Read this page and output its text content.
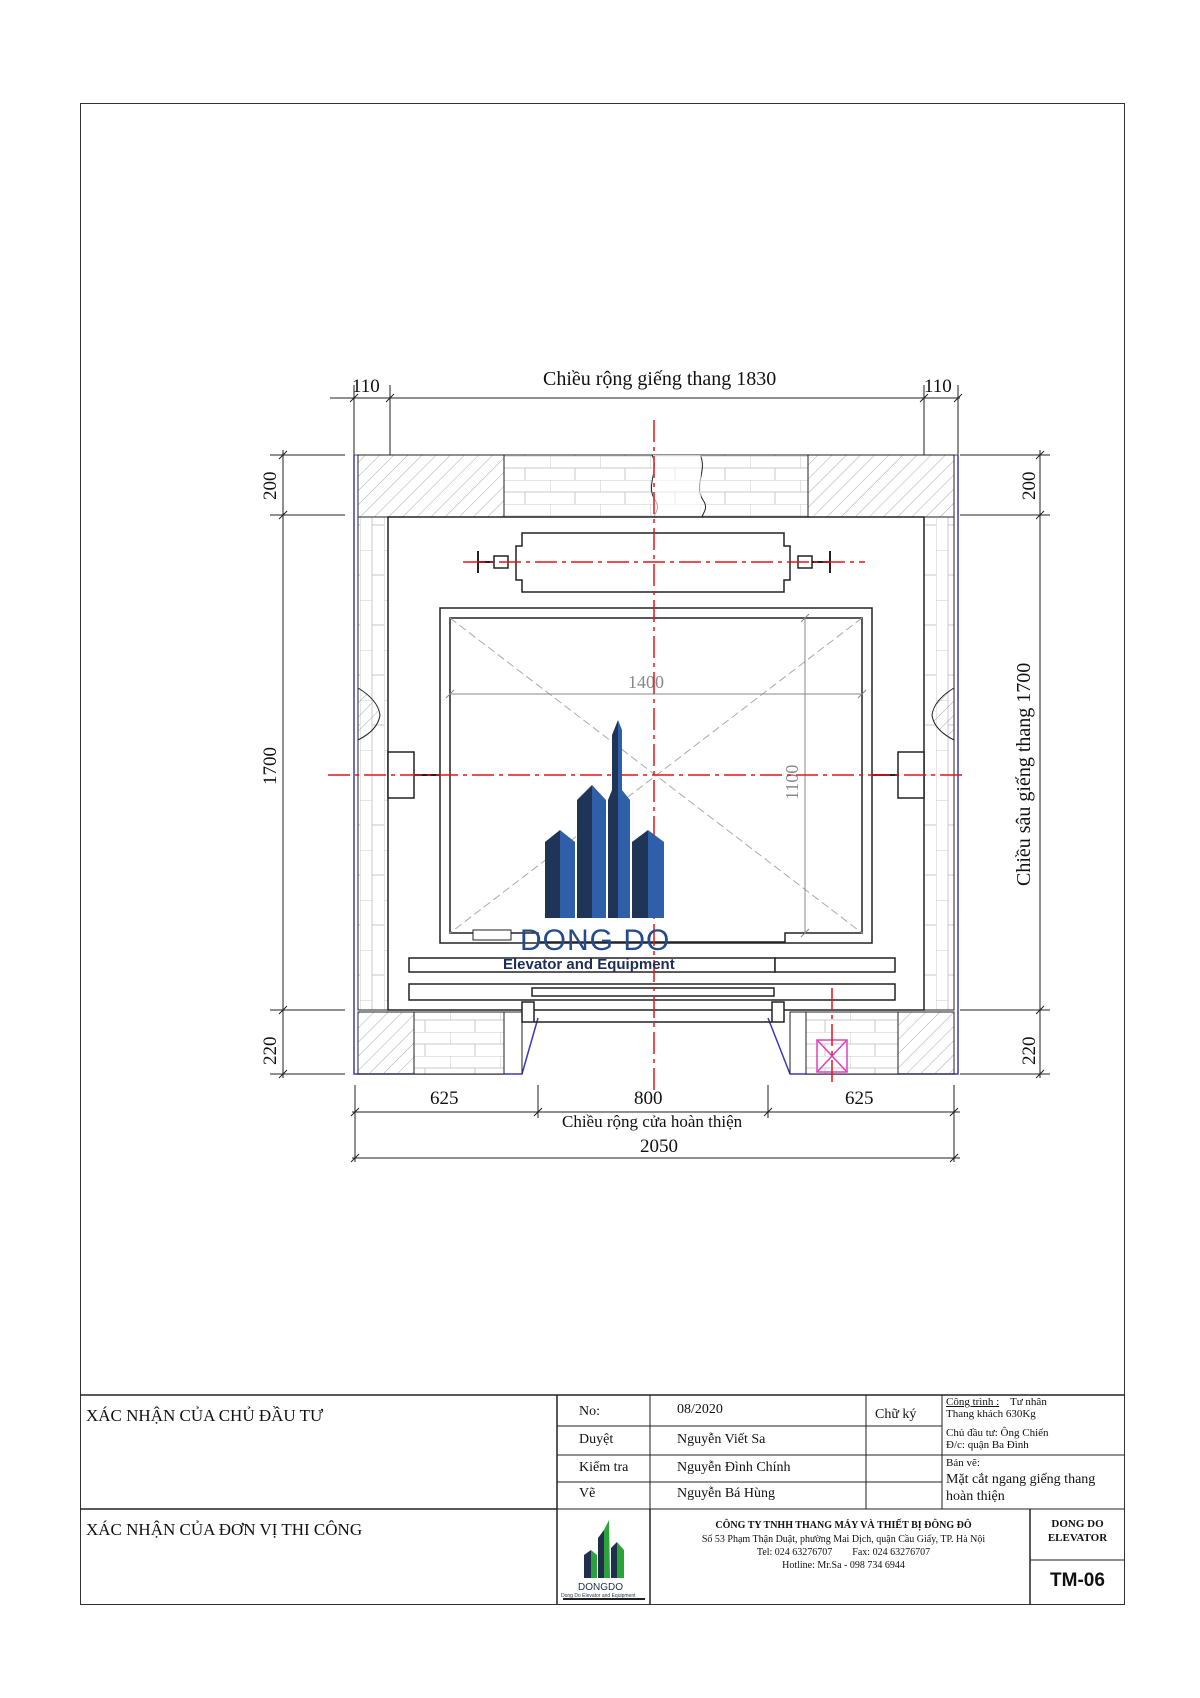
110	Chiều rộng giếng thang 1830	110
200
1700
220
200
Chiều sâu giếng thang 1700
220
625	800	625
Chiều rộng cửa hoàn thiện
2050
1400
1100
DONG DO
Elevator and Equipment
DONGDO
Dong Do Elevator and Equipment
XÁC NHẬN CỦA CHỦ ĐẦU TƯ
XÁC NHẬN CỦA ĐƠN VỊ THI CÔNG
No:	08/2020	Chữ ký
Duyệt	Nguyễn Viết Sa
Kiểm tra	Nguyễn Đình Chính
Vẽ	Nguyễn Bá Hùng
Công trình : Tư nhân
Thang khách 630Kg
Chủ đầu tư: Ông Chiến
Đ/c: quận Ba Đình
Bản vẽ:
Mặt cắt ngang giếng thang
hoàn thiện
CÔNG TY TNHH THANG MÁY VÀ THIẾT BỊ ĐÔNG ĐÔ
Số 53 Phạm Thận Duật, phường Mai Dịch, quận Cầu Giấy, TP. Hà Nội
Tel: 024 63276707        Fax: 024 63276707
Hotline: Mr.Sa - 098 734 6944
DONG DO
ELEVATOR
TM-06
